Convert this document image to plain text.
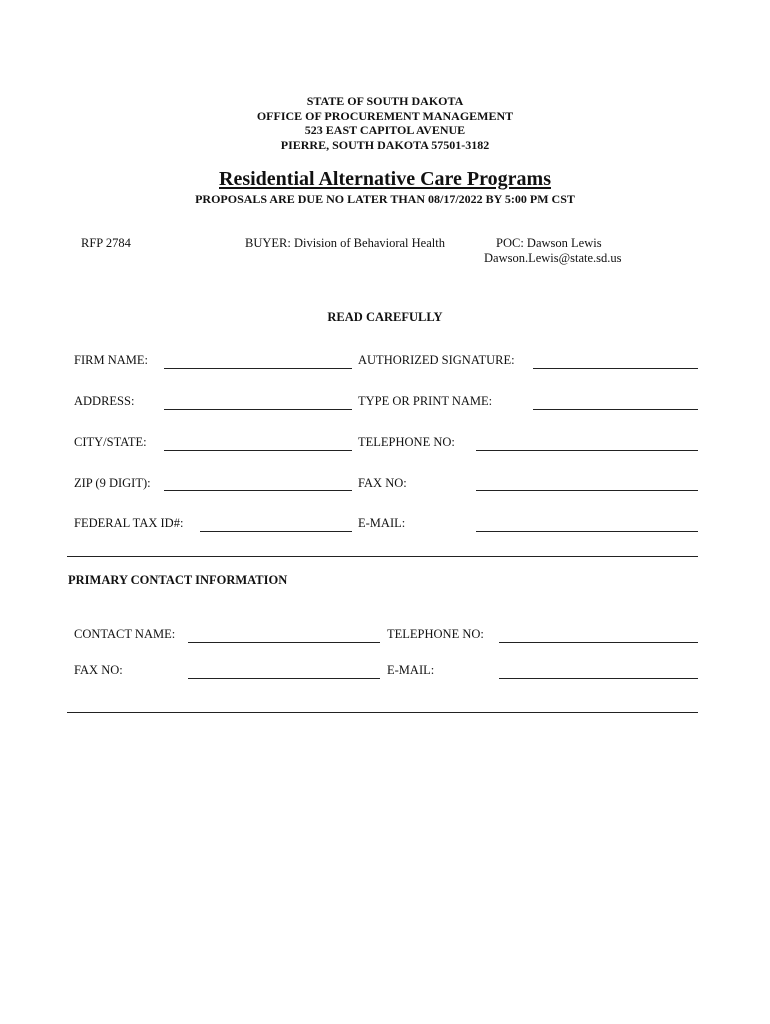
STATE OF SOUTH DAKOTA
OFFICE OF PROCUREMENT MANAGEMENT
523 EAST CAPITOL AVENUE
PIERRE, SOUTH DAKOTA 57501-3182
Residential Alternative Care Programs
PROPOSALS ARE DUE NO LATER THAN 08/17/2022 BY 5:00 PM CST
RFP 2784	BUYER: Division of Behavioral Health	POC: Dawson Lewis
Dawson.Lewis@state.sd.us
READ CAREFULLY
FIRM NAME:	AUTHORIZED SIGNATURE:
ADDRESS:	TYPE OR PRINT NAME:
CITY/STATE:	TELEPHONE NO:
ZIP (9 DIGIT):	FAX NO:
FEDERAL TAX ID#:	E-MAIL:
PRIMARY CONTACT INFORMATION
CONTACT NAME:	TELEPHONE NO:
FAX NO:	E-MAIL:
